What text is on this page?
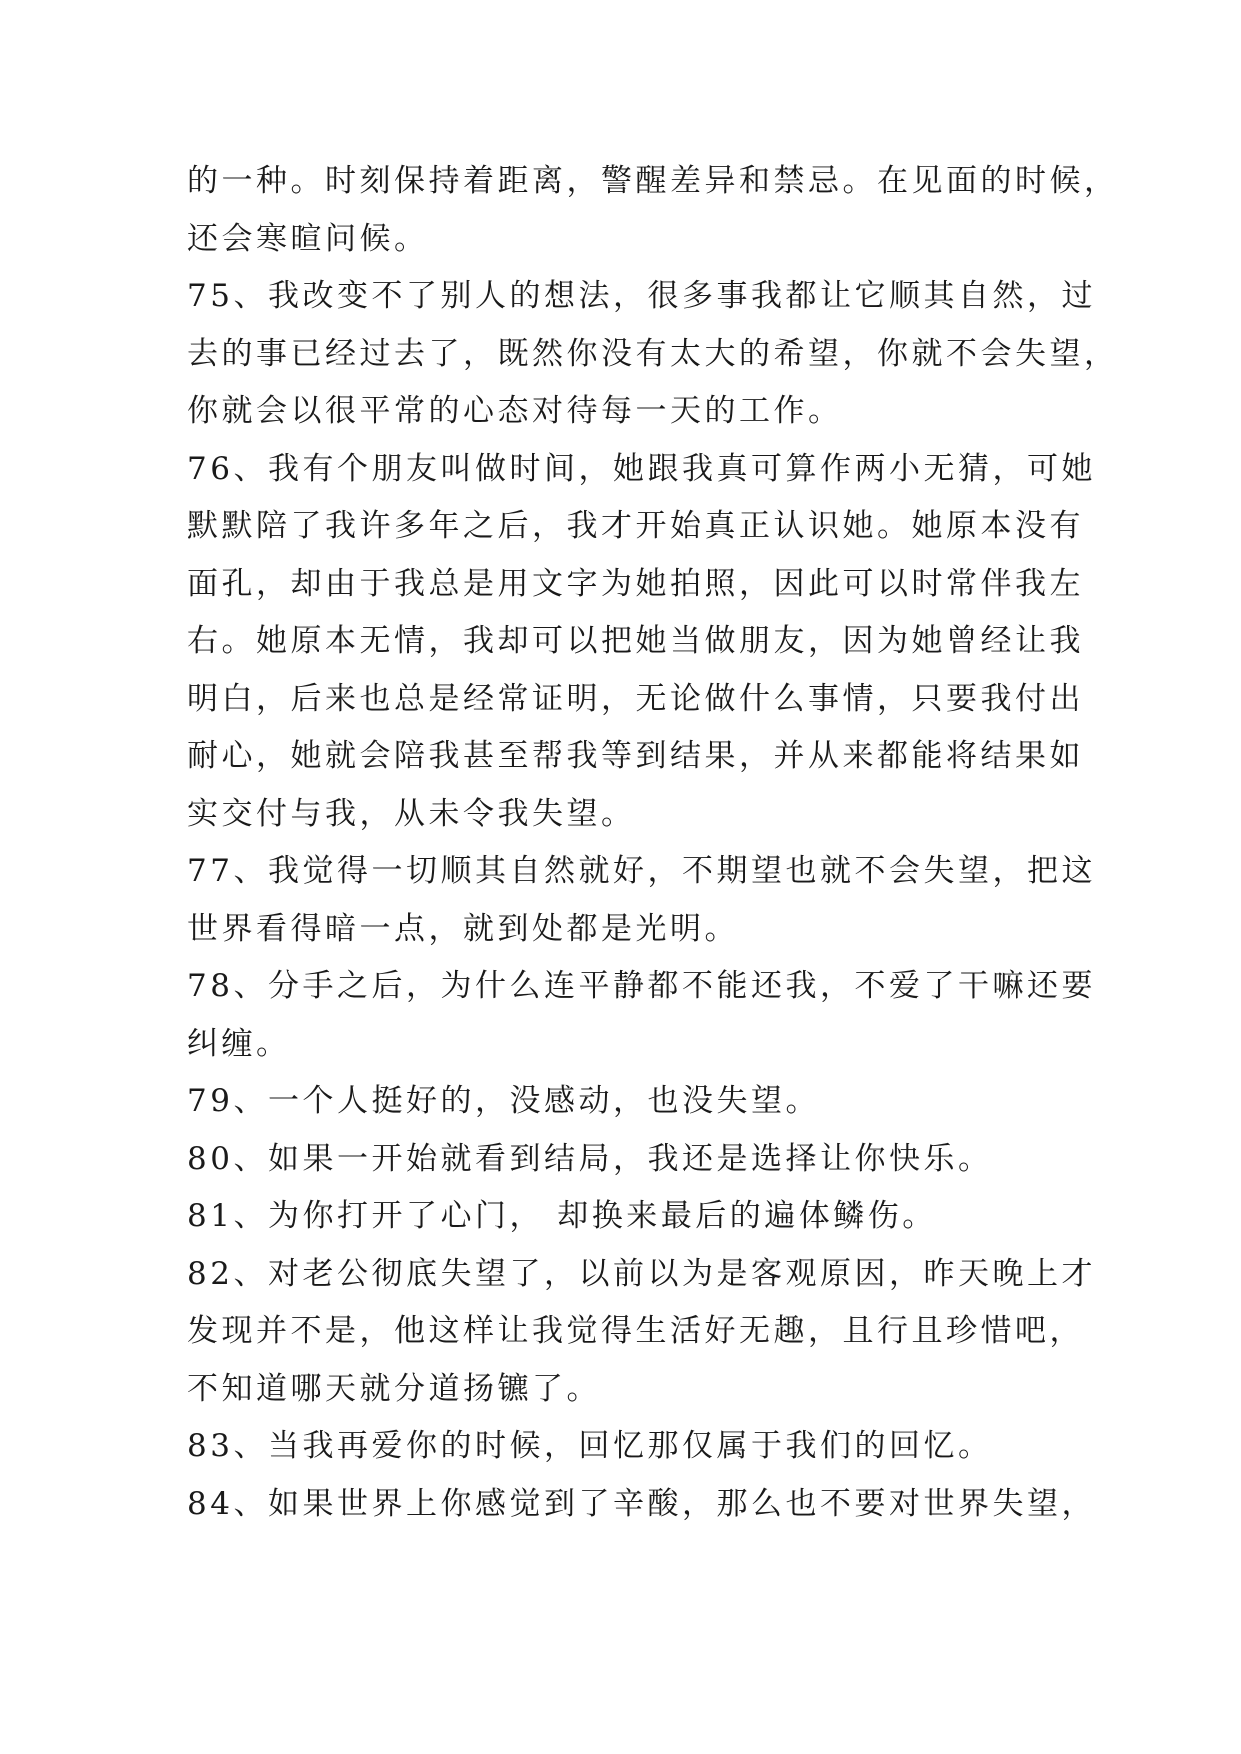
的一种。时刻保持着距离，警醒差异和禁忌。在见面的时候，
还会寒暄问候。
75、我改变不了别人的想法，很多事我都让它顺其自然，过
去的事已经过去了，既然你没有太大的希望，你就不会失望，
你就会以很平常的心态对待每一天的工作。
76、我有个朋友叫做时间，她跟我真可算作两小无猜，可她
默默陪了我许多年之后，我才开始真正认识她。她原本没有
面孔，却由于我总是用文字为她拍照，因此可以时常伴我左
右。她原本无情，我却可以把她当做朋友，因为她曾经让我
明白，后来也总是经常证明，无论做什么事情，只要我付出
耐心，她就会陪我甚至帮我等到结果，并从来都能将结果如
实交付与我，从未令我失望。
77、我觉得一切顺其自然就好，不期望也就不会失望，把这
世界看得暗一点，就到处都是光明。
78、分手之后，为什么连平静都不能还我，不爱了干嘛还要
纠缠。
79、一个人挺好的，没感动，也没失望。
80、如果一开始就看到结局，我还是选择让你快乐。
81、为你打开了心门， 却换来最后的遍体鳞伤。
82、对老公彻底失望了，以前以为是客观原因，昨天晚上才
发现并不是，他这样让我觉得生活好无趣，且行且珍惜吧，
不知道哪天就分道扬镳了。
83、当我再爱你的时候，回忆那仅属于我们的回忆。
84、如果世界上你感觉到了辛酸，那么也不要对世界失望，
